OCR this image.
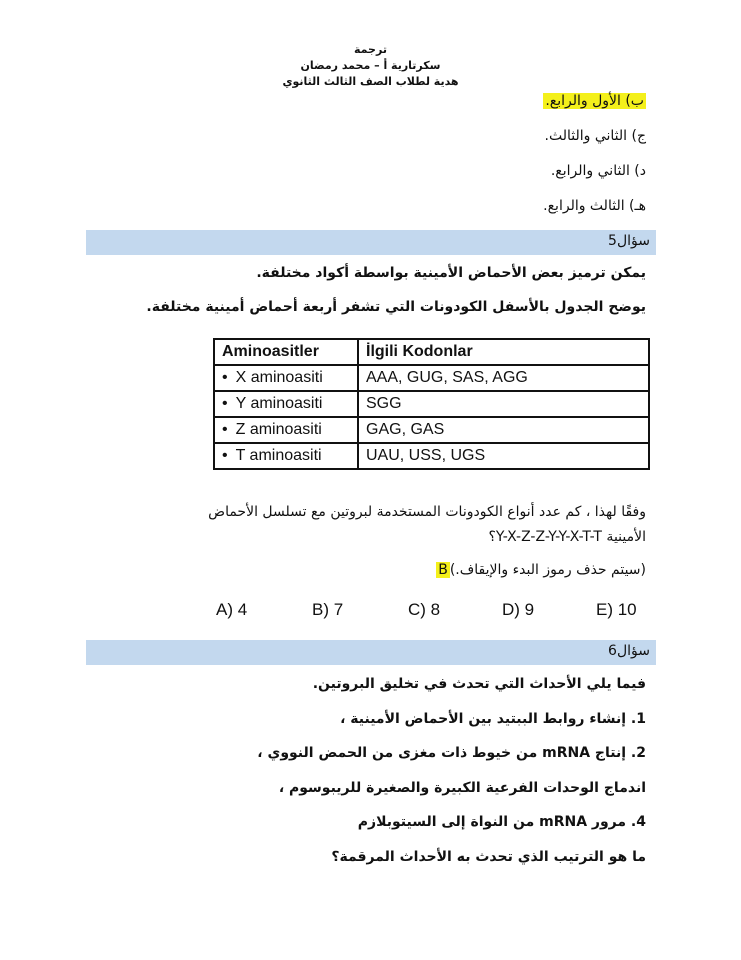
ترجمة
سكرتارية أ – محمد رمضان
هدية لطلاب الصف الثالث الثانوي
ب) الأول والرابع.
ج) الثاني والثالث.
د) الثاني والرابع.
هـ) الثالث والرابع.
سؤال5
يمكن ترميز بعض الأحماض الأمينية بواسطة أكواد مختلفة.
يوضح الجدول بالأسفل الكودونات التي تشفر أربعة أحماض أمينية مختلفة.
Aminoasitler	İlgili Kodonlar
• X aminoasiti	AAA, GUG, SAS, AGG
• Y aminoasiti	SGG
• Z aminoasiti	GAG, GAS
• T aminoasiti	UAU, USS, UGS
وفقًا لهذا ، كم عدد أنواع الكودونات المستخدمة لبروتين مع تسلسل الأحماض
الأمينية Y-X-Z-Z-Y-Y-X-T-T؟
(سيتم حذف رموز البدء والإيقاف.)B
A) 4	B) 7	C) 8	D) 9	E) 10
سؤال6
فيما يلي الأحداث التي تحدث في تخليق البروتين.
1. إنشاء روابط الببتيد بين الأحماض الأمينية ،
2. إنتاج mRNA من خيوط ذات مغزى من الحمض النووي ،
اندماج الوحدات الفرعية الكبيرة والصغيرة للريبوسوم ،
4. مرور mRNA من النواة إلى السيتوبلازم
ما هو الترتيب الذي تحدث به الأحداث المرقمة؟
